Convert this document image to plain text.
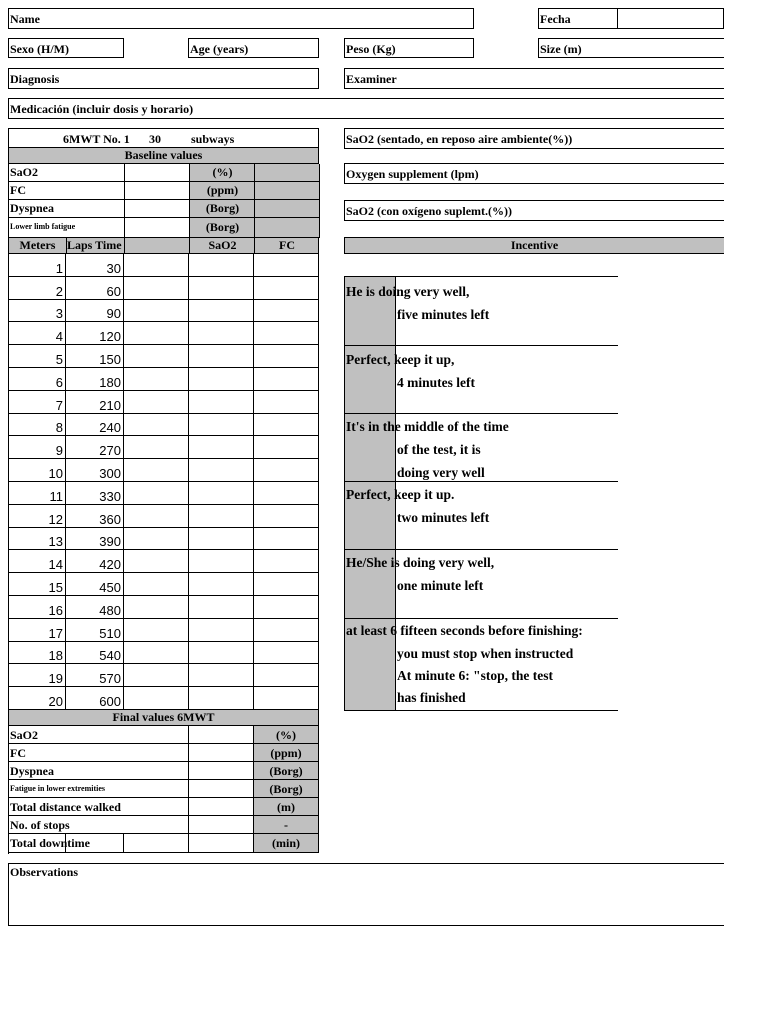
Name	Fecha
Sexo (H/M)	Age (years)	Peso (Kg)	Size (m)
Diagnosis	Examiner
Medicación (incluir dosis y horario)
6MWT No. 1 30	subways
Baseline values
SaO2	(%)
FC	(ppm)
Dyspnea	(Borg)
Lower limb fatigue	(Borg)
Meters Laps Time	SaO2	FC
1	30
2	60
3	90
4	120
5	150
6	180
7	210
8	240
9	270
10	300
11	330
12	360
13	390
14	420
15	450
16	480
17	510
18	540
19	570
20	600
Final values 6MWT
SaO2	(%)
FC	(ppm)
Dyspnea	(Borg)
Fatigue in lower extremities	(Borg)
Total distance walked	(m)
No. of stops	-
Total downtime	(min)
SaO2 (sentado, en reposo aire ambiente(%))
Oxygen supplement (lpm)
SaO2 (con oxígeno suplemt.(%))
Incentive
He is doing very well,
five minutes left
Perfect, keep it up,
4 minutes left
It's in the middle of the time
of the test, it is
doing very well
Perfect, keep it up.
two minutes left
He/She is doing very well,
one minute left
at least 6 fifteen seconds before finishing:
you must stop when instructed
At minute 6: "stop, the test
has finished
Observations
